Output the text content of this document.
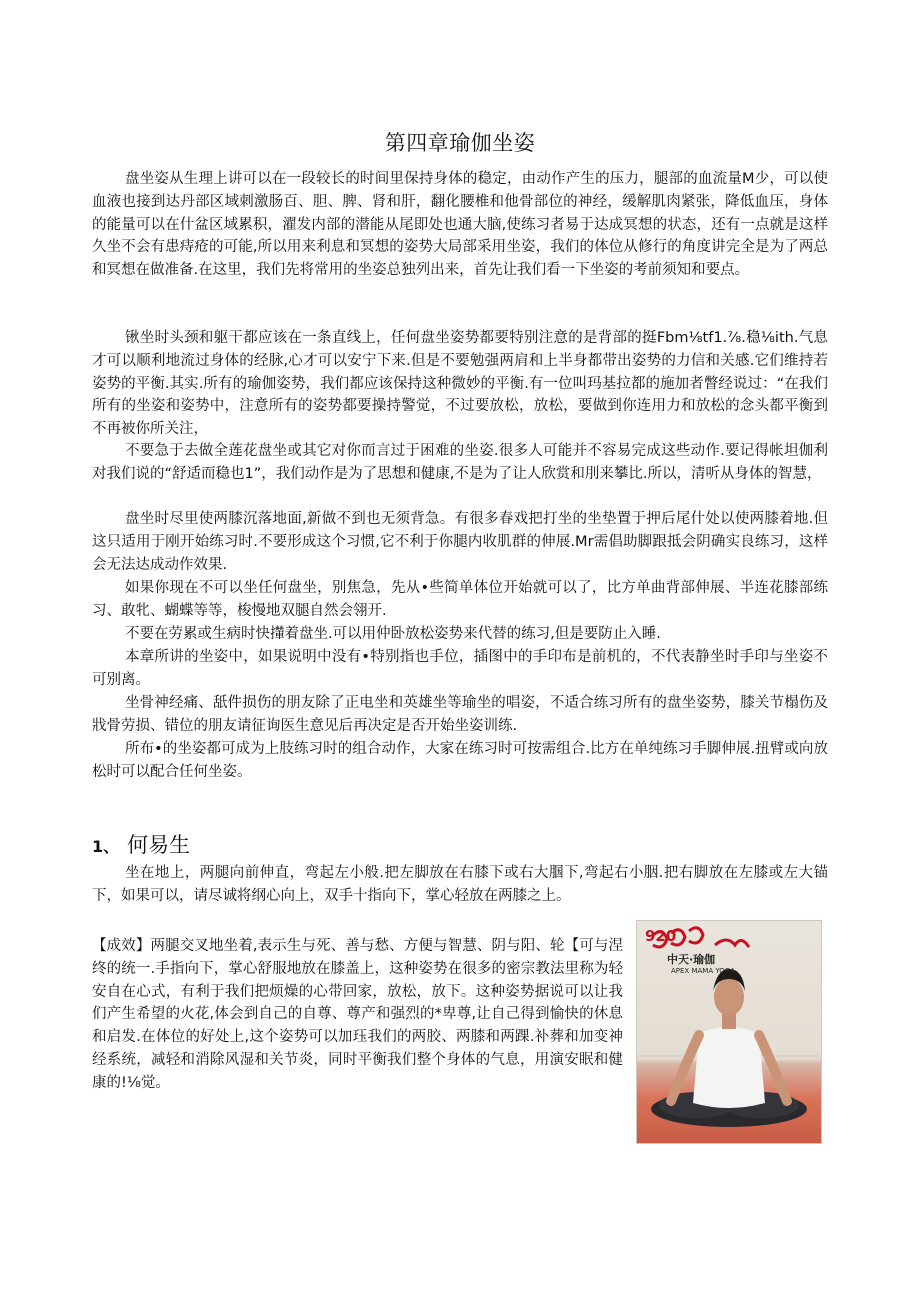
第四章瑜伽坐姿

盘坐姿从生理上讲可以在一段较长的时间里保持身体的稳定，由动作产生的压力，腿部的血流量M少，可以使血液也接到达丹部区域刺激肠百、胆、脾、肾和肝，翻化腰椎和他骨部位的神经，缓解肌肉紧张，降低血压，身体的能量可以在什盆区域累积，濯发内部的潜能从尾即处也通大脑,使练习者易于达成冥想的状态，还有一点就是这样久坐不会有患痔疮的可能,所以用来利息和冥想的姿势大局部采用坐姿，我们的体位从修行的角度讲完全是为了两总和冥想在做准备.在这里，我们先将常用的坐姿总独列出来，首先让我们看一下坐姿的考前须知和要点。

锹坐时头颈和躯干都应该在一条直线上，任何盘坐姿势都要特别注意的是背部的挺Fbm⅛tf1.⅞.稳⅛ith.气息才可以顺利地流过身体的经脉,心才可以安宁下来.但是不要勉强两肩和上半身都带出姿势的力信和关感.它们维持若姿势的平衡.其实.所有的瑜伽姿势，我们都应该保持这种微妙的平衡.有一位叫玛基拉都的施加者瞥经说过：“在我们所有的坐姿和姿势中，注意所有的姿势都要操持警觉，不过要放松，放松，要做到你连用力和放松的念头都平衡到不再被你所关注，

不要急于去做全莲花盘坐或其它对你而言过于困难的坐姿.很多人可能并不容易完成这些动作.要记得帐坦伽利对我们说的“舒适而稳也1”，我们动作是为了思想和健康,不是为了让人欣赏和刖来攀比.所以，清听从身体的智慧，

盘坐时尽里使两膝沉落地面,新做不到也无须背急。有很多春戏把打坐的坐垫置于押后尾什处以使两膝着地.但这只适用于刚开始练习时.不要形成这个习惯,它不利于你腿内收肌群的伸展.Mr需倡助脚跟抵会阴确实良练习，这样会无法达成动作效果.

如果你现在不可以坐任何盘坐，别焦急，先从•些简单体位开始就可以了，比方单曲背部伸展、半连花膝部练习、敢牝、蝴蝶等等，梭慢地双腿自然会翎开.

不要在劳累或生病时快攆着盘坐.可以用仲卧放松姿势来代替的练习,但是要防止入睡.

本章所讲的坐姿中，如果说明中没有•特别指也手位，插图中的手印布是前机的，不代表静坐时手印与坐姿不可别离。

坐骨神经痛、舐件损伤的朋友除了正电坐和英雄坐等瑜坐的唱姿，不适合练习所有的盘坐姿势，膝关节榻伤及戕骨劳损、错位的朋友请征询医生意见后再决定是否开始坐姿训练.

所布•的坐姿都可成为上肢练习时的组合动作，大家在练习时可按需组合.比方在单纯练习手脚伸展.扭臂或向放松时可以配合任何坐姿。

1、 何易生

坐在地上，两腿向前伸直，弯起左小般.把左脚放在右膝下或右大腘下,弯起右小胭.把右脚放在左膝或左大锚下，如果可以，请尽诚将纲心向上，双手十指向下，掌心轻放在两膝之上。

【成效】两腿交叉地坐着,表示生与死、善与愁、方便与智慧、阴与阳、轮【可与涅终的统一.手指向下，掌心舒服地放在膝盖上，这种姿势在很多的密宗教法里称为轻安自在心式，有利于我们把烦燥的心带回家，放松，放下。这种姿势据说可以让我们产生希望的火花,体会到自己的自尊、尊产和强烈的*卑尊,让自己得到愉快的休息和启发.在体位的好处上,这个姿势可以加珏我们的两胶、两膝和两踝.补葬和加变神经系统，减轻和消除风湿和关节炎，同时平衡我们整个身体的气息，用演安眠和健康的!⅛觉。

920
中天·瑜伽
APEX MAMA YOGA
